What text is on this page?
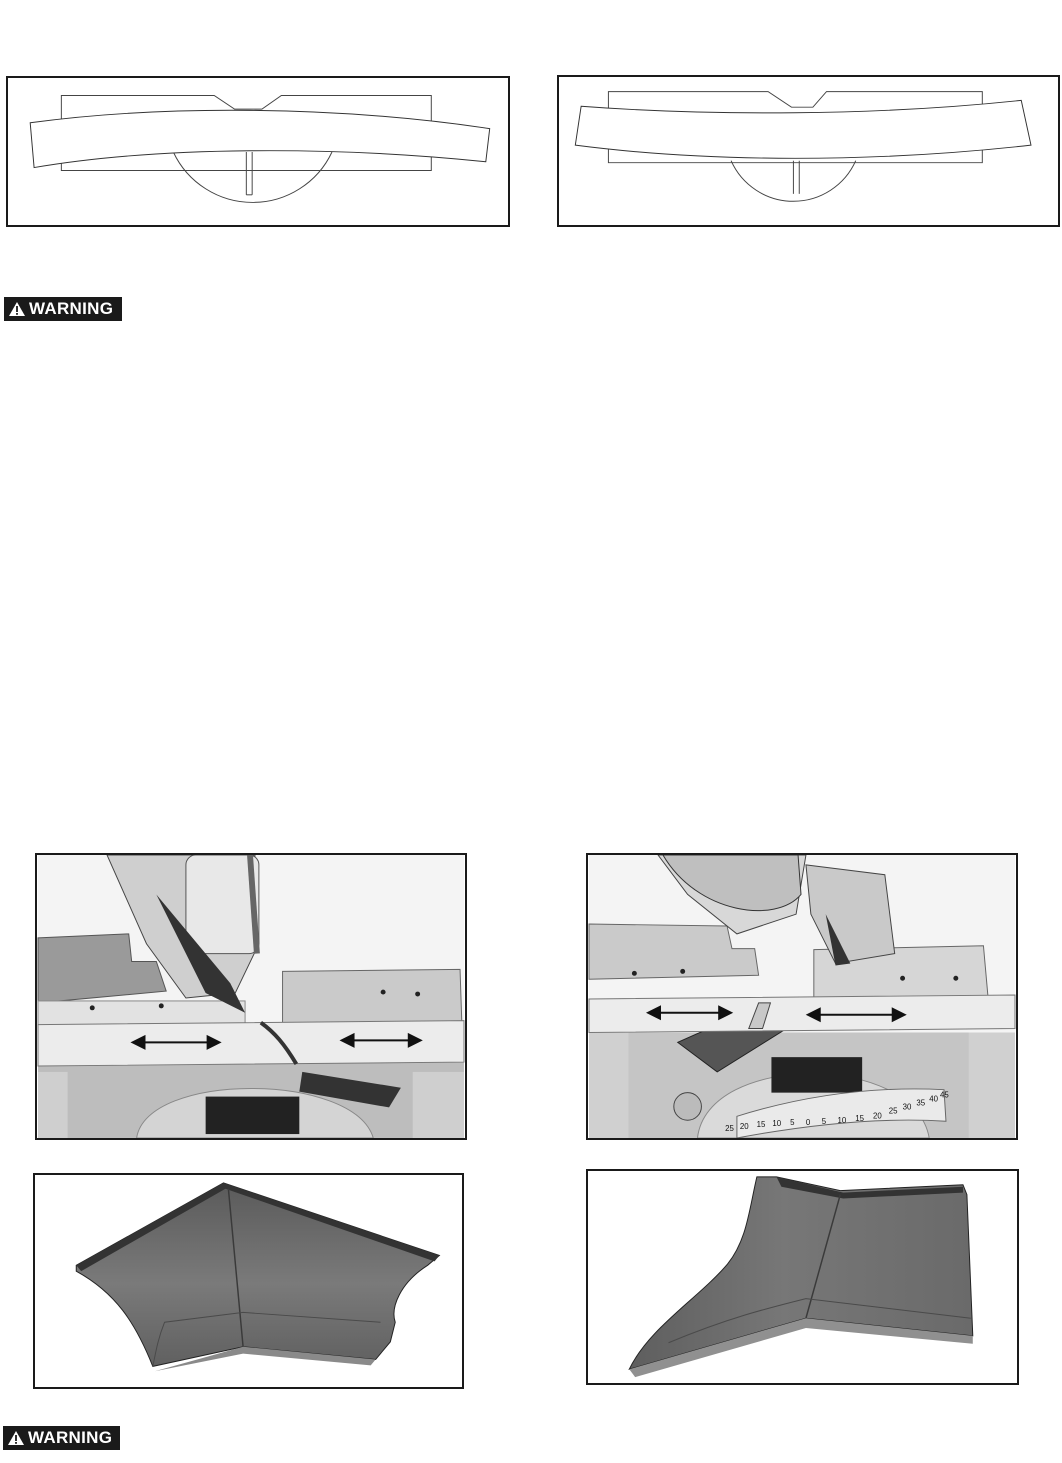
WARNING
25 20 15 10 5 0 5 10 15 20
25 30 35 40 45
WARNING
